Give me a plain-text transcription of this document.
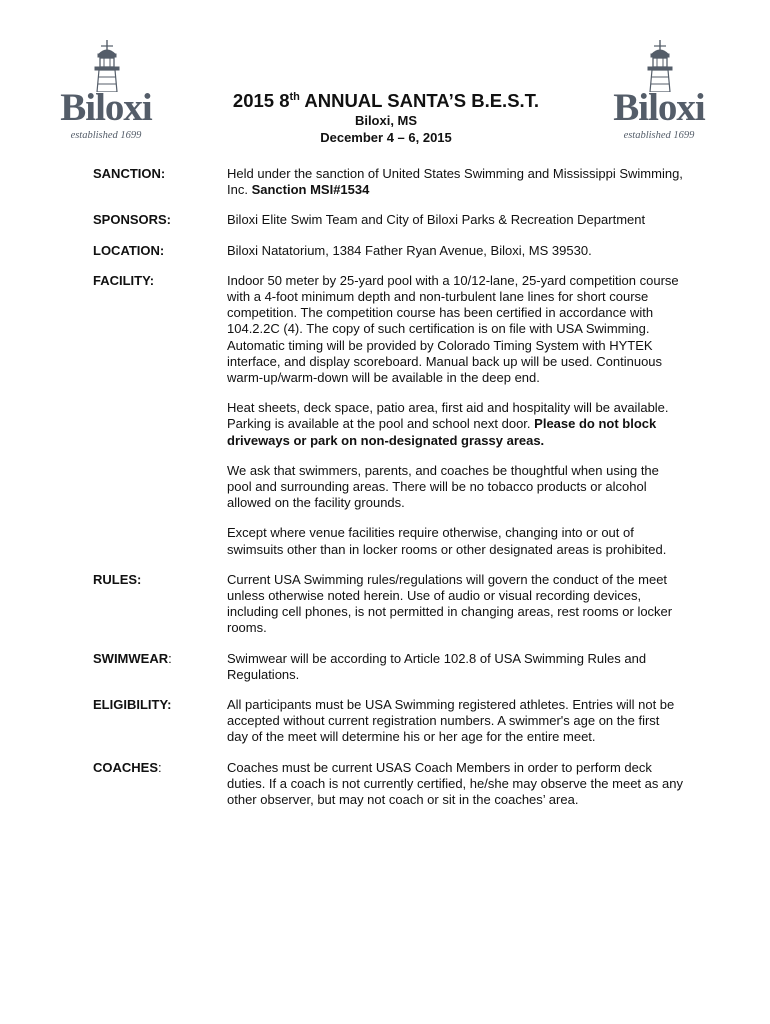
Biloxi
established 1699
Biloxi
established 1699
2015 8th ANNUAL SANTA’S B.E.S.T.
Biloxi, MS
December 4 – 6, 2015
SANCTION:	Held under the sanction of United States Swimming and Mississippi Swimming, Inc. Sanction MSI#1534
SPONSORS:	Biloxi Elite Swim Team and City of Biloxi Parks & Recreation Department
LOCATION:	Biloxi Natatorium, 1384 Father Ryan Avenue, Biloxi, MS 39530.
FACILITY:	Indoor 50 meter by 25-yard pool with a 10/12-lane, 25-yard competition course with a 4-foot minimum depth and non-turbulent lane lines for short course competition. The competition course has been certified in accordance with 104.2.2C (4). The copy of such certification is on file with USA Swimming. Automatic timing will be provided by Colorado Timing System with HYTEK interface, and display scoreboard. Manual back up will be used. Continuous warm-up/warm-down will be available in the deep end.

Heat sheets, deck space, patio area, first aid and hospitality will be available. Parking is available at the pool and school next door. Please do not block driveways or park on non-designated grassy areas.

We ask that swimmers, parents, and coaches be thoughtful when using the pool and surrounding areas. There will be no tobacco products or alcohol allowed on the facility grounds.

Except where venue facilities require otherwise, changing into or out of swimsuits other than in locker rooms or other designated areas is prohibited.

RULES:	Current USA Swimming rules/regulations will govern the conduct of the meet unless otherwise noted herein. Use of audio or visual recording devices, including cell phones, is not permitted in changing areas, rest rooms or locker rooms.
SWIMWEAR:	Swimwear will be according to Article 102.8 of USA Swimming Rules and Regulations.
ELIGIBILITY:	All participants must be USA Swimming registered athletes. Entries will not be accepted without current registration numbers. A swimmer's age on the first day of the meet will determine his or her age for the entire meet.
COACHES:	Coaches must be current USAS Coach Members in order to perform deck duties. If a coach is not currently certified, he/she may observe the meet as any other observer, but may not coach or sit in the coaches’ area.
